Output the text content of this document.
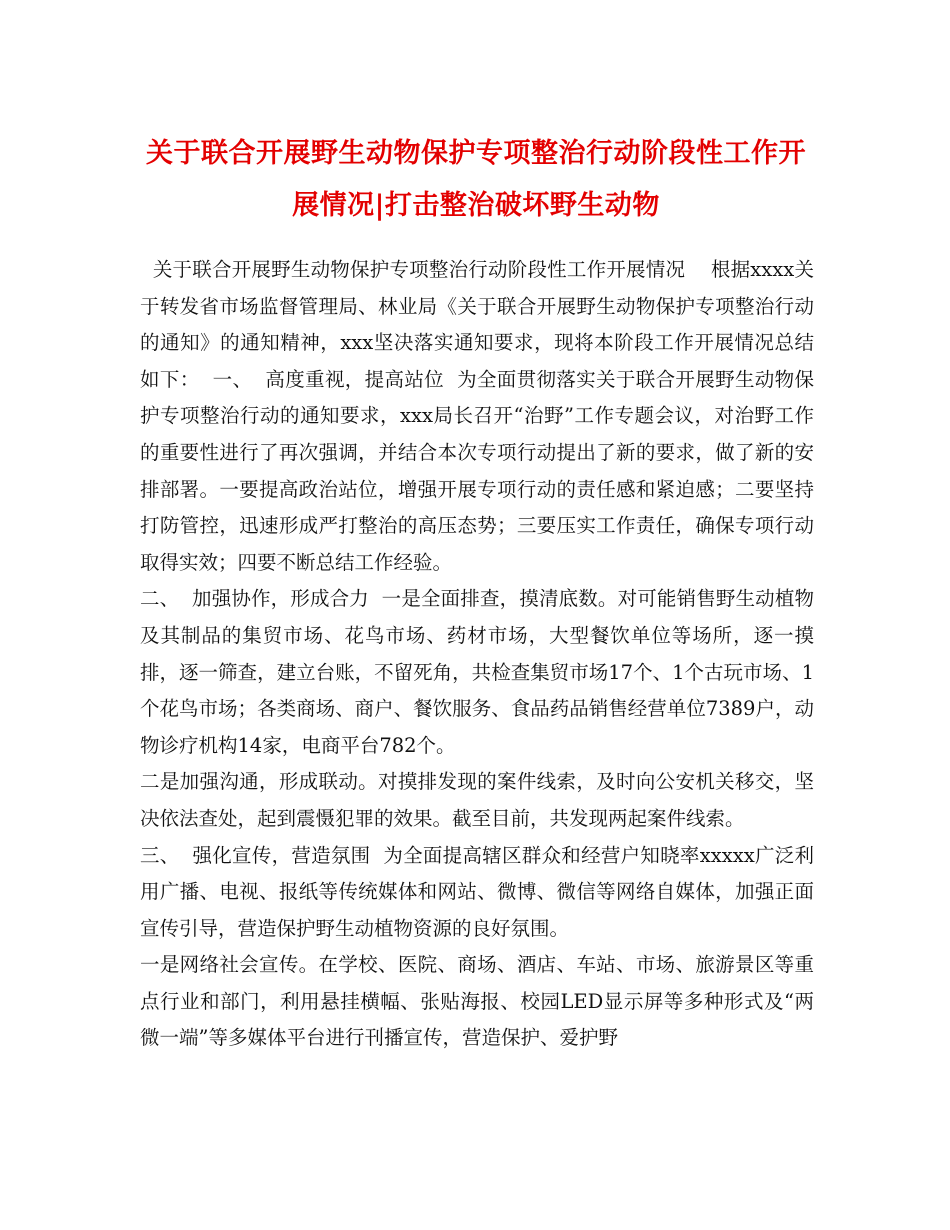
关于联合开展野生动物保护专项整治行动阶段性工作开展情况|打击整治破坏野生动物

关于联合开展野生动物保护专项整治行动阶段性工作开展情况    根据xxxx关于转发省市场监督管理局、林业局《关于联合开展野生动物保护专项整治行动的通知》的通知精神，xxx坚决落实通知要求，现将本阶段工作开展情况总结如下：  一、  高度重视，提高站位  为全面贯彻落实关于联合开展野生动物保护专项整治行动的通知要求，xxx局长召开“治野”工作专题会议，对治野工作的重要性进行了再次强调，并结合本次专项行动提出了新的要求，做了新的安排部署。一要提高政治站位，增强开展专项行动的责任感和紧迫感；二要坚持打防管控，迅速形成严打整治的高压态势；三要压实工作责任，确保专项行动取得实效；四要不断总结工作经验。

二、  加强协作，形成合力  一是全面排查，摸清底数。对可能销售野生动植物及其制品的集贸市场、花鸟市场、药材市场，大型餐饮单位等场所，逐一摸排，逐一筛查，建立台账，不留死角，共检查集贸市场17个、1个古玩市场、1个花鸟市场；各类商场、商户、餐饮服务、食品药品销售经营单位7389户，动物诊疗机构14家，电商平台782个。

二是加强沟通，形成联动。对摸排发现的案件线索，及时向公安机关移交，坚决依法查处，起到震慑犯罪的效果。截至目前，共发现两起案件线索。

三、  强化宣传，营造氛围  为全面提高辖区群众和经营户知晓率xxxxx广泛利用广播、电视、报纸等传统媒体和网站、微博、微信等网络自媒体，加强正面宣传引导，营造保护野生动植物资源的良好氛围。

一是网络社会宣传。在学校、医院、商场、酒店、车站、市场、旅游景区等重点行业和部门，利用悬挂横幅、张贴海报、校园LED显示屏等多种形式及“两微一端”等多媒体平台进行刊播宣传，营造保护、爱护野
